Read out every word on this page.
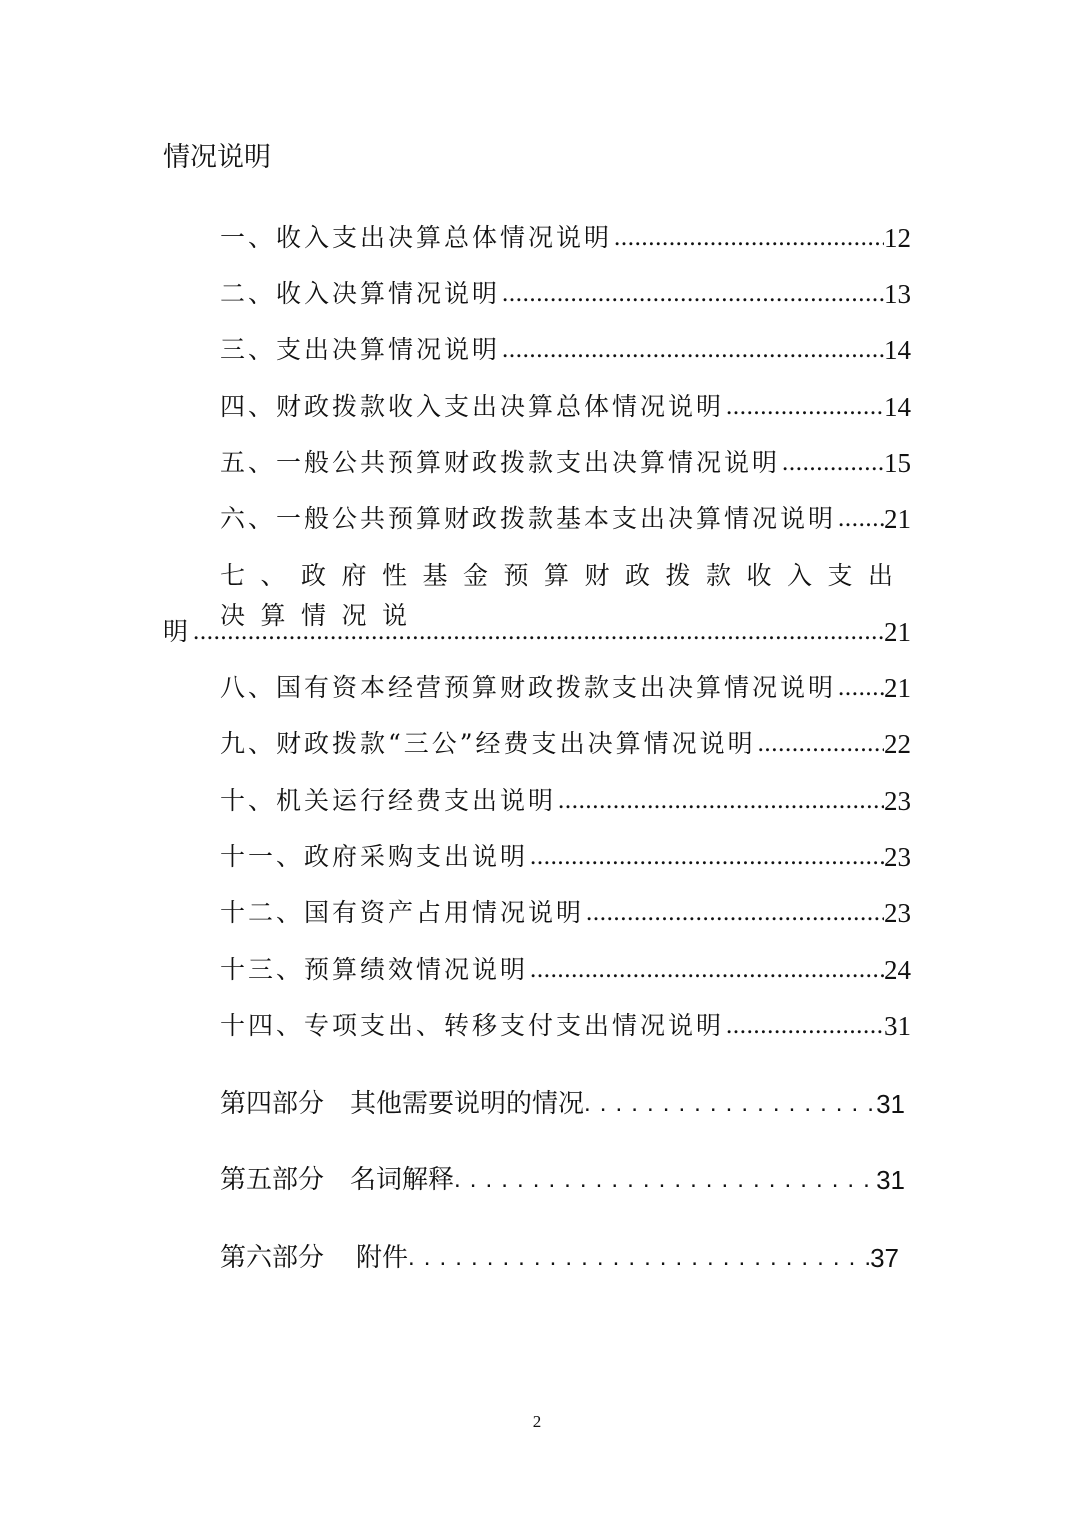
情况说明
一、收入支出决算总体情况说明 .....	12
二、收入决算情况说明 .....	13
三、支出决算情况说明 .....	14
四、财政拨款收入支出决算总体情况说明 .....	14
五、一般公共预算财政拨款支出决算情况说明 .....	15
六、一般公共预算财政拨款基本支出决算情况说明 ..... 21
七、政府性基金预算财政拨款收入支出决算情况说
明 .....	21
八、国有资本经营预算财政拨款支出决算情况说明 ..... 21
九、财政拨款“三公”经费支出决算情况说明 .....	22
十、机关运行经费支出说明 .....	23
十一、政府采购支出说明 .....	23
十二、国有资产占用情况说明 .....	23
十三、预算绩效情况说明 .....	24
十四、专项支出、转移支付支出情况说明 .....	31
第四部分 其他需要说明的情况 . . .	31
第五部分 名词解释 . . .	31
第六部分 附件 . . .	37
2
